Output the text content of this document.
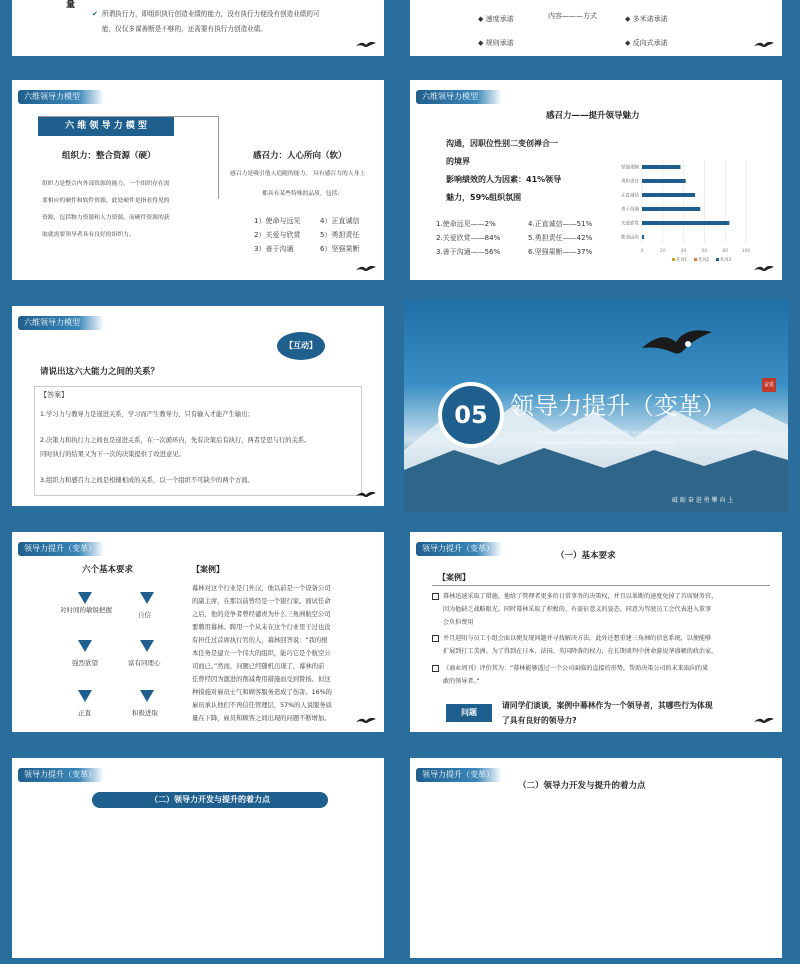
量
✔ 所谓执行力，即组织执行创造业绩的能力，没有执行力便没有创造业绩的可
能，仅仅多谋善断是不够的，还需要有执行力创造业绩。
内容———方式
◆ 速度承诺	◆ 多米诺承诺
◆ 规则承诺	◆ 反向式承诺
六维领导力模型
六 维 领 导 力 模 型
组织力：整合资源（硬）
组织力是整合内外部资源的能力。一个组织存在需
要相应的硬件和软件资源，此处硬件是指看得见的
资源，包括物力资源和人力资源。而硬件资源的获
取就需要领导者具有良好的组织力。
感召力：人心所向（软）
感召力是吸引他人追随的能力。 具有感召力的人身上
都具有某些特殊的品质，包括：
1）使命与远见	4）正直诚信
2）关爱与欣赏	5）勇担责任
3）善于沟通	6）坚强果断
六维领导力模型
感召力——提升领导魅力
沟通，因职位性别二变创禅合一
的境界
影响绩效的人为因素：41%领导
魅力，59%组织氛围
1.使命远见——2%	4.正直诚信——51%
2.关爱欣赏——84%	5.勇担责任——42%
3.善于沟通——56%	6.坚强果断——37%	0	20	40	60	80	100
坚强果断
勇担责任
正直诚信
善于沟通
关爱欣赏
使命远见
系列1	系列2	系列3
六维领导力模型
【互动】
请说出这六大能力之间的关系？
【答案】
1.学习力与教导力是递进关系，学习而产生教导力，只有输入才能产生输出；
2.决策力和执行力之间也是递进关系，在一次循环内，先有决策后有执行，两者是思与行的关系。
同时执行的结果又为下一次的决策提供了改进意见；
3.组织力和感召力之间是相辅相成的关系，以一个组织不可缺少的两个方面。
05 领导力提升（变革）
奋进
The average person is always waiting for an opportunity to come The average person is always The
average person is always waiting for an opportunity to come
砥 砺 奋 进 勇 攀 向 上
领导力提升（变革）
六个基本要求
对时间的敏锐把握
自信
强烈欲望	富有同理心
正直	积极进取
【案例】
幕林对这个行业是门外汉，他以前是一个设备公司
的副主席，在那以前曾经是一个银行家。面试任命
之后，他的竞争者曾经谴责为什么三角洲航空公司
要聘用幕林。聘用一个从未在这个行业里干过也没
有担任过首席执行官的人，幕林回答说：“我的根
本任务是建立一个伟大的组织，能巧它是个航空公
司而已。”然而，问题已经随机出现了，幕林的前
任曾经因为激进的削减费用措施而受到赞扬。但这
种措施对雇员士气和顾客服务造成了伤害。16%的
雇员承认他们不再信任管理层，57%的人说服务质
量在下降，雇员和顾客之间出现的问题不断增加。
领导力提升（变革）
（一）基本要求
【案例】
幕林迅速采取了措施，他给了管理者更多的日常事务的决策权，并且以果断的速度免掉了首席财务官，
因为他缺乏战略眼光。同时幕林采取了积极的、有豪征意义的姿态，同意为驾驶员工会代表进入董事
会负担费用
并且迎阻与员工小组会面以便发现问题并寻找解决方法。此外还想重建三角洲的信息系统，以便能够
扩展到打工美洲。为了得到在日本、法国、英国降落的权力，在长期谈判中拼命游说华盛顿的政治家。
《商业周刊》评价其为：“幕林能够透过一个公司面临的直接的形势，帮助决策公司的未来取向的果
敢的领导者。”
问题
请同学们谈谈，案例中幕林作为一个领导者，其哪些行为体现
了具有良好的领导力?
领导力提升（变革）
（二）领导力开发与提升的着力点
领导力提升（变革）
（二）领导力开发与提升的着力点
